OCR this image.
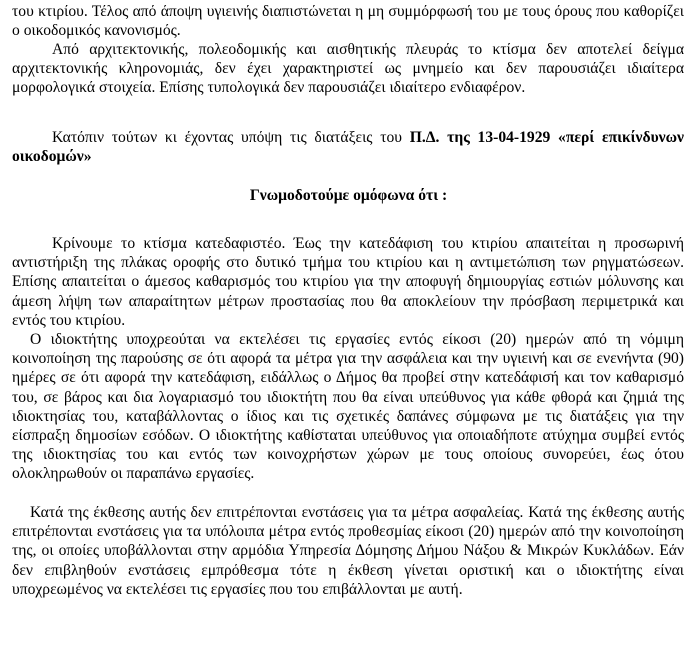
του κτιρίου. Τέλος από άποψη υγιεινής διαπιστώνεται η μη συμμόρφωσή του με τους όρους που καθορίζει ο οικοδομικός κανονισμός.

Από αρχιτεκτονικής, πολεοδομικής και αισθητικής πλευράς το κτίσμα δεν αποτελεί δείγμα αρχιτεκτονικής κληρονομιάς, δεν έχει χαρακτηριστεί ως μνημείο και δεν παρουσιάζει ιδιαίτερα μορφολογικά στοιχεία. Επίσης τυπολογικά δεν παρουσιάζει ιδιαίτερο ενδιαφέρον.

Κατόπιν τούτων κι έχοντας υπόψη τις διατάξεις του Π.Δ. της 13-04-1929 «περί επικίνδυνων οικοδομών»

Γνωμοδοτούμε ομόφωνα ότι :

Κρίνουμε το κτίσμα κατεδαφιστέο. Έως την κατεδάφιση του κτιρίου απαιτείται η προσωρινή αντιστήριξη της πλάκας οροφής στο δυτικό τμήμα του κτιρίου και η αντιμετώπιση των ρηγματώσεων. Επίσης απαιτείται ο άμεσος καθαρισμός του κτιρίου για την αποφυγή δημιουργίας εστιών μόλυνσης και άμεση λήψη των απαραίτητων μέτρων προστασίας που θα αποκλείουν την πρόσβαση περιμετρικά και εντός του κτιρίου.

Ο ιδιοκτήτης υποχρεούται να εκτελέσει τις εργασίες εντός είκοσι (20) ημερών από τη νόμιμη κοινοποίηση της παρούσης σε ότι αφορά τα μέτρα για την ασφάλεια και την υγιεινή και σε ενενήντα (90) ημέρες σε ότι αφορά την κατεδάφιση, ειδάλλως ο Δήμος θα προβεί στην κατεδάφισή και τον καθαρισμό του, σε βάρος και δια λογαριασμό του ιδιοκτήτη που θα είναι υπεύθυνος για κάθε φθορά και ζημιά της ιδιοκτησίας του, καταβάλλοντας ο ίδιος και τις σχετικές δαπάνες σύμφωνα με τις διατάξεις για την είσπραξη δημοσίων εσόδων. Ο ιδιοκτήτης καθίσταται υπεύθυνος για οποιαδήποτε ατύχημα συμβεί εντός της ιδιοκτησίας του και εντός των κοινοχρήστων χώρων με τους οποίους συνορεύει, έως ότου ολοκληρωθούν οι παραπάνω εργασίες.

Κατά της έκθεσης αυτής δεν επιτρέπονται ενστάσεις για τα μέτρα ασφαλείας. Κατά της έκθεσης αυτής επιτρέπονται ενστάσεις για τα υπόλοιπα μέτρα εντός προθεσμίας είκοσι (20) ημερών από την κοινοποίηση της, οι οποίες υποβάλλονται στην αρμόδια Υπηρεσία Δόμησης Δήμου Νάξου & Μικρών Κυκλάδων. Εάν δεν επιβληθούν ενστάσεις εμπρόθεσμα τότε η έκθεση γίνεται οριστική και ο ιδιοκτήτης είναι υποχρεωμένος να εκτελέσει τις εργασίες που του επιβάλλονται με αυτή.
